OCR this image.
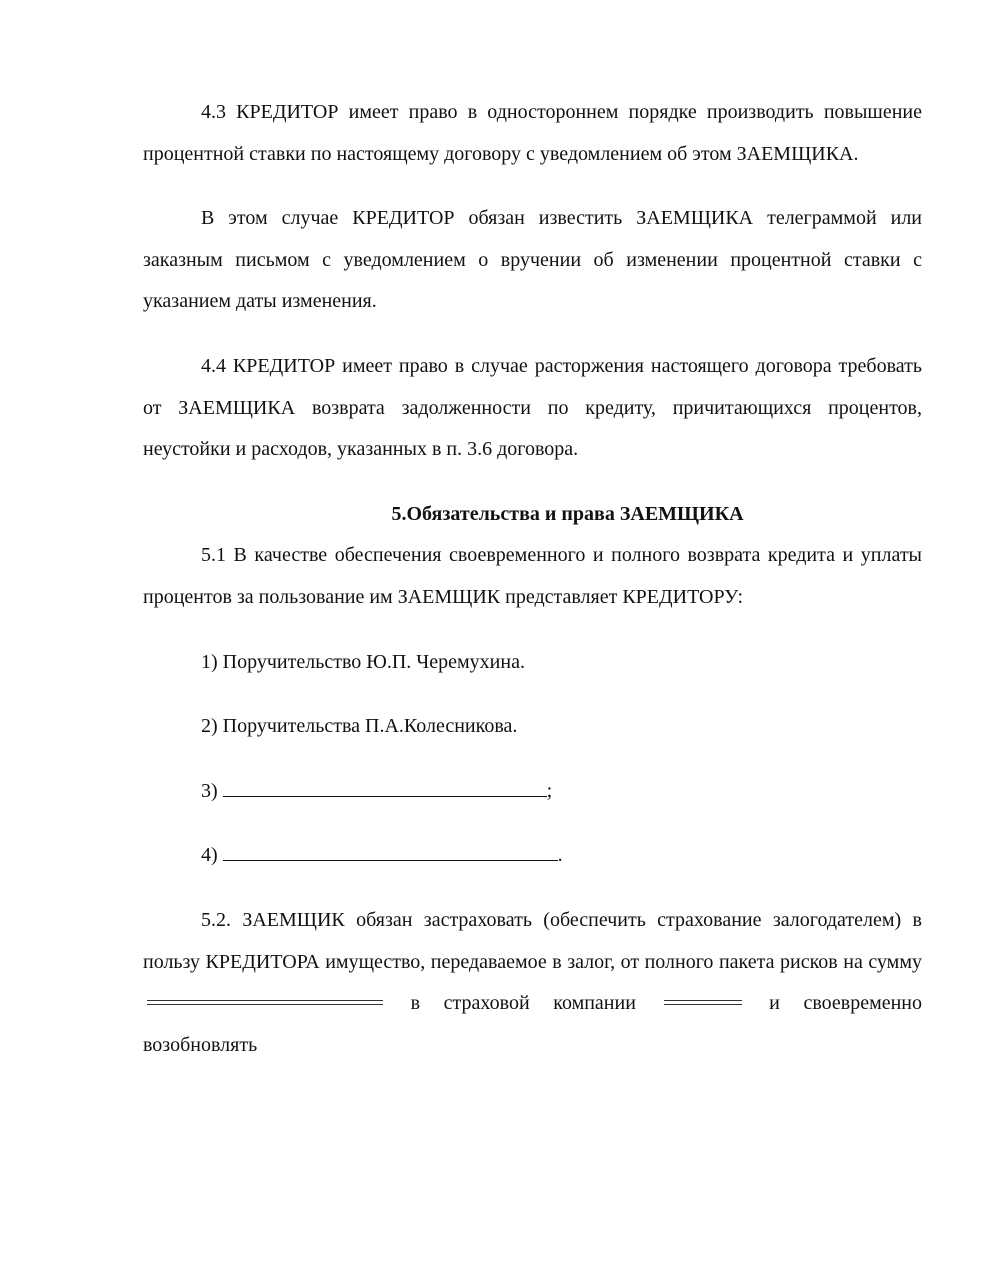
4.3 КРЕДИТОР имеет право в одностороннем порядке производить повышение процентной ставки по настоящему договору с уведомлением об этом ЗАЕМЩИКА.

В этом случае КРЕДИТОР обязан известить ЗАЕМЩИКА телеграммой или заказным письмом с уведомлением о вручении об изменении процентной ставки с указанием даты изменения.

4.4 КРЕДИТОР имеет право в случае расторжения настоящего договора требовать от ЗАЕМЩИКА возврата задолженности по кредиту, причитающихся процентов, неустойки и расходов, указанных в п. 3.6 договора.

5.Обязательства и права ЗАЕМЩИКА

5.1 В качестве обеспечения своевременного и полного возврата кредита и уплаты процентов за пользование им ЗАЕМЩИК представляет КРЕДИТОРУ:

1) Поручительство Ю.П. Черемухина.

2) Поручительства П.А.Колесникова.

3)	;

4)	.

5.2. ЗАЕМЩИК обязан застраховать (обеспечить страхование залогодателем) в пользу КРЕДИТОРА имущество, передаваемое в залог, от полного пакета рисков на сумму  в страховой компании	и своевременно возобновлять
